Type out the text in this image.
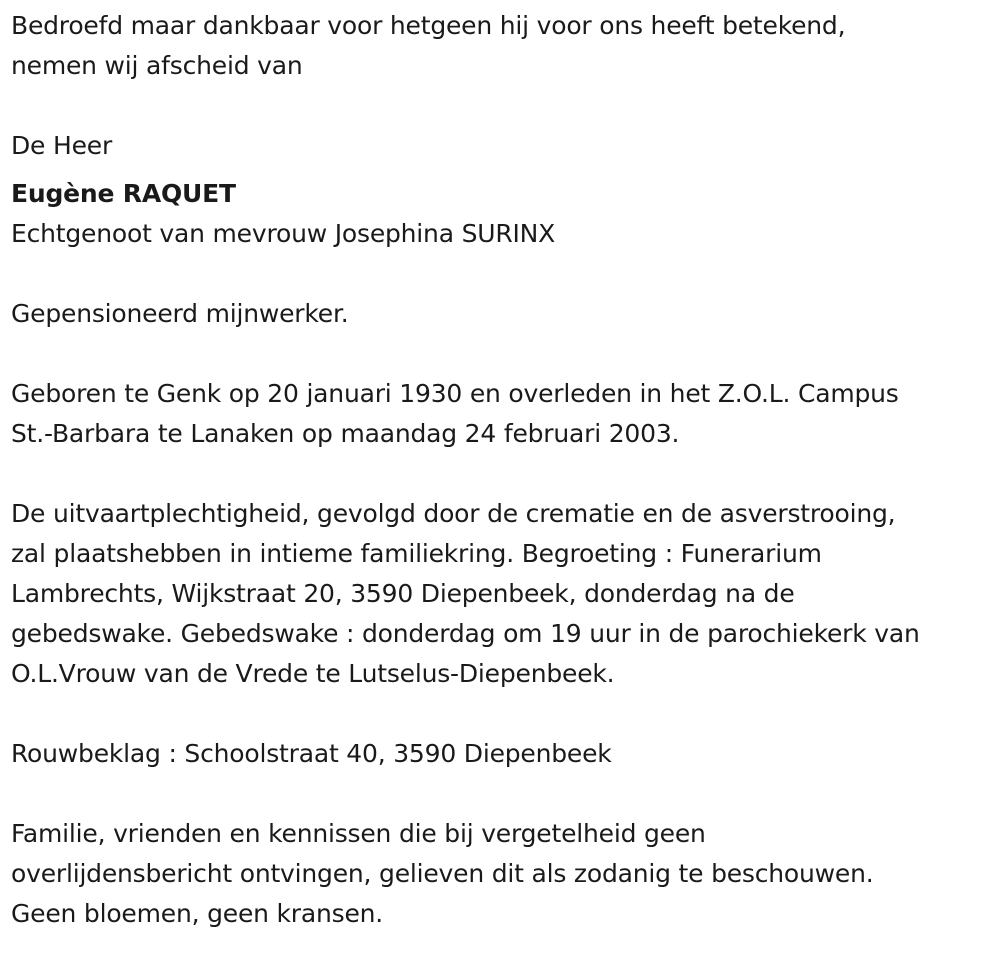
Bedroefd maar dankbaar voor hetgeen hij voor ons heeft betekend,
nemen wij afscheid van
De Heer
Eugène RAQUET
Echtgenoot van mevrouw Josephina SURINX
Gepensioneerd mijnwerker.
Geboren te Genk op 20 januari 1930 en overleden in het Z.O.L. Campus
St.-Barbara te Lanaken op maandag 24 februari 2003.
De uitvaartplechtigheid, gevolgd door de crematie en de asverstrooing,
zal plaatshebben in intieme familiekring. Begroeting : Funerarium
Lambrechts, Wijkstraat 20, 3590 Diepenbeek, donderdag na de
gebedswake. Gebedswake : donderdag om 19 uur in de parochiekerk van
O.L.Vrouw van de Vrede te Lutselus-Diepenbeek.
Rouwbeklag : Schoolstraat 40, 3590 Diepenbeek
Familie, vrienden en kennissen die bij vergetelheid geen
overlijdensbericht ontvingen, gelieven dit als zodanig te beschouwen.
Geen bloemen, geen kransen.
